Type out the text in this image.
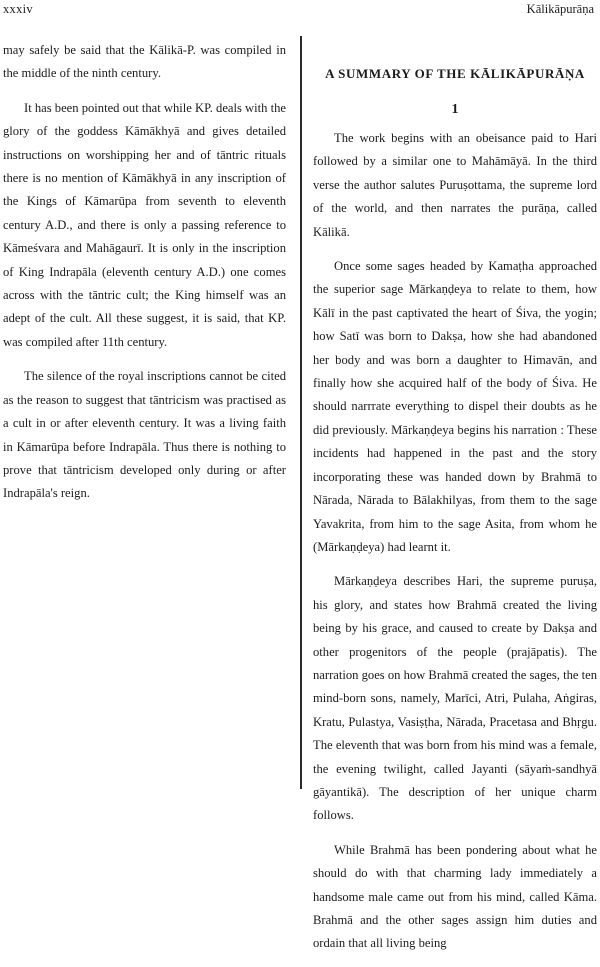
xxxiv	Kālikāpurāṇa

may safely be said that the Kālikā-P. was compiled in the middle of the ninth century.

It has been pointed out that while KP. deals with the glory of the goddess Kāmākhyā and gives detailed instructions on worshipping her and of tāntric rituals there is no mention of Kāmākhyā in any inscription of the Kings of Kāmarūpa from seventh to eleventh century A.D., and there is only a passing reference to Kāmeśvara and Mahāgaurī. It is only in the inscription of King Indrapāla (eleventh century A.D.) one comes across with the tāntric cult; the King himself was an adept of the cult. All these suggest, it is said, that KP. was compiled after 11th century.

The silence of the royal inscriptions cannot be cited as the reason to suggest that tāntricism was practised as a cult in or after eleventh century. It was a living faith in Kāmarūpa before Indrapāla. Thus there is nothing to prove that tāntricism developed only during or after Indrapāla's reign.

A SUMMARY OF THE KĀLIKĀPURĀṆA
1

The work begins with an obeisance paid to Hari followed by a similar one to Mahāmāyā. In the third verse the author salutes Puruṣottama, the supreme lord of the world, and then narrates the purāṇa, called Kālikā.

Once some sages headed by Kamaṭha approached the superior sage Mārkaṇḍeya to relate to them, how Kālī in the past captivated the heart of Śiva, the yogin; how Satī was born to Dakṣa, how she had abandoned her body and was born a daughter to Himavān, and finally how she acquired half of the body of Śiva. He should narrrate everything to dispel their doubts as he did previously. Mārkaṇḍeya begins his narration : These incidents had happened in the past and the story incorporating these was handed down by Brahmā to Nārada, Nārada to Bālakhilyas, from them to the sage Yavakrita, from him to the sage Asita, from whom he (Mārkaṇḍeya) had learnt it.

Mārkaṇḍeya describes Hari, the supreme puruṣa, his glory, and states how Brahmā created the living being by his grace, and caused to create by Dakṣa and other progenitors of the people (prajāpatis). The narration goes on how Brahmā created the sages, the ten mind-born sons, namely, Marīci, Atri, Pulaha, Aṅgiras, Kratu, Pulastya, Vasiṣṭha, Nārada, Pracetasa and Bhṛgu. The eleventh that was born from his mind was a female, the evening twilight, called Jayanti (sāyaṁ-sandhyā gāyantikā). The description of her unique charm follows.

While Brahmā has been pondering about what he should do with that charming lady immediately a handsome male came out from his mind, called Kāma. Brahmā and the other sages assign him duties and ordain that all living being
